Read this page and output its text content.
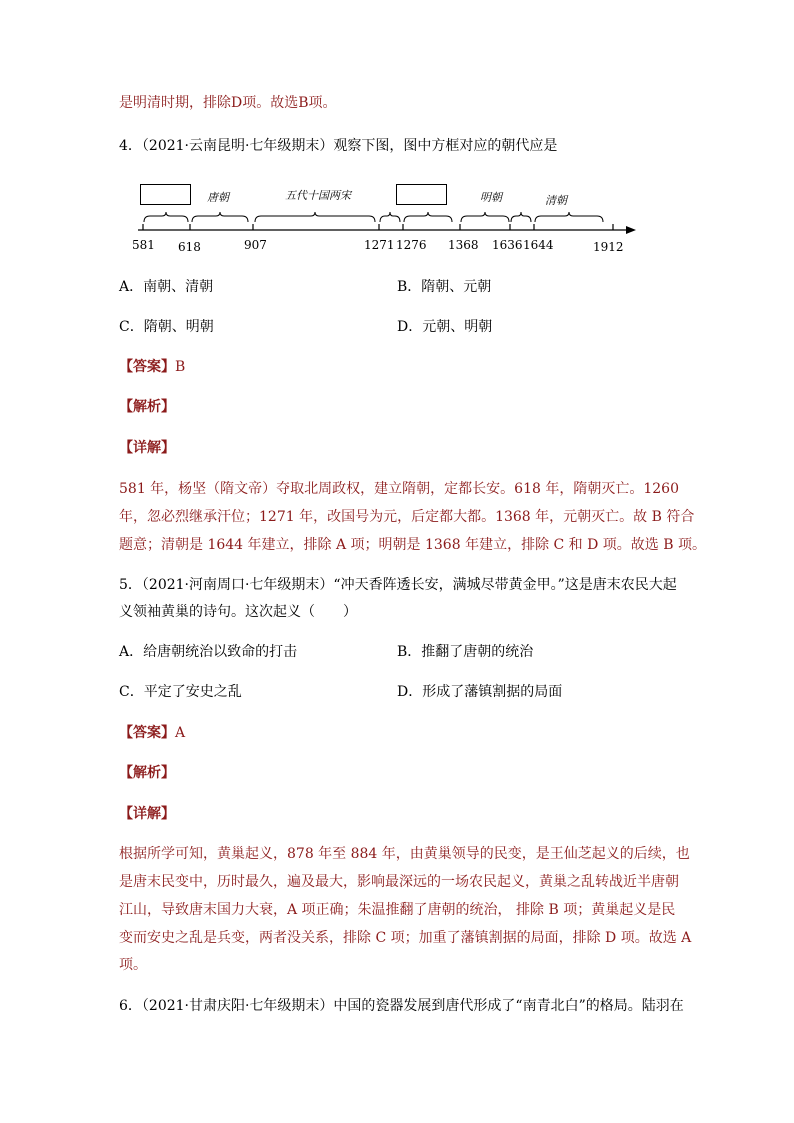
是明清时期，排除D项。故选B项。
4．（2021·云南昆明·七年级期末）观察下图，图中方框对应的朝代应是
唐朝	五代十国两宋	明朝	清朝
581 618	907	1271 1276 1368 1636 1644	1912
A．南朝、清朝	B．隋朝、元朝
C．隋朝、明朝	D．元朝、明朝
【答案】B
【解析】
【详解】
581 年，杨坚（隋文帝）夺取北周政权，建立隋朝，定都长安。618 年，隋朝灭亡。1260
年，忽必烈继承汗位；1271 年，改国号为元，后定都大都。1368 年，元朝灭亡。故 B 符合
题意；清朝是 1644 年建立，排除 A 项；明朝是 1368 年建立，排除 C 和 D 项。故选 B 项。
5．（2021·河南周口·七年级期末）“冲天香阵透长安，满城尽带黄金甲。”这是唐末农民大起
义领袖黄巢的诗句。这次起义（　　）
A．给唐朝统治以致命的打击	B．推翻了唐朝的统治
C．平定了安史之乱	D．形成了藩镇割据的局面
【答案】A
【解析】
【详解】
根据所学可知，黄巢起义，878 年至 884 年，由黄巢领导的民变，是王仙芝起义的后续，也
是唐末民变中，历时最久，遍及最大，影响最深远的一场农民起义，黄巢之乱转战近半唐朝
江山，导致唐末国力大衰，A 项正确；朱温推翻了唐朝的统治， 排除 B 项；黄巢起义是民
变而安史之乱是兵变，两者没关系，排除 C 项；加重了藩镇割据的局面，排除 D 项。故选 A
项。
6．（2021·甘肃庆阳·七年级期末）中国的瓷器发展到唐代形成了“南青北白”的格局。陆羽在
